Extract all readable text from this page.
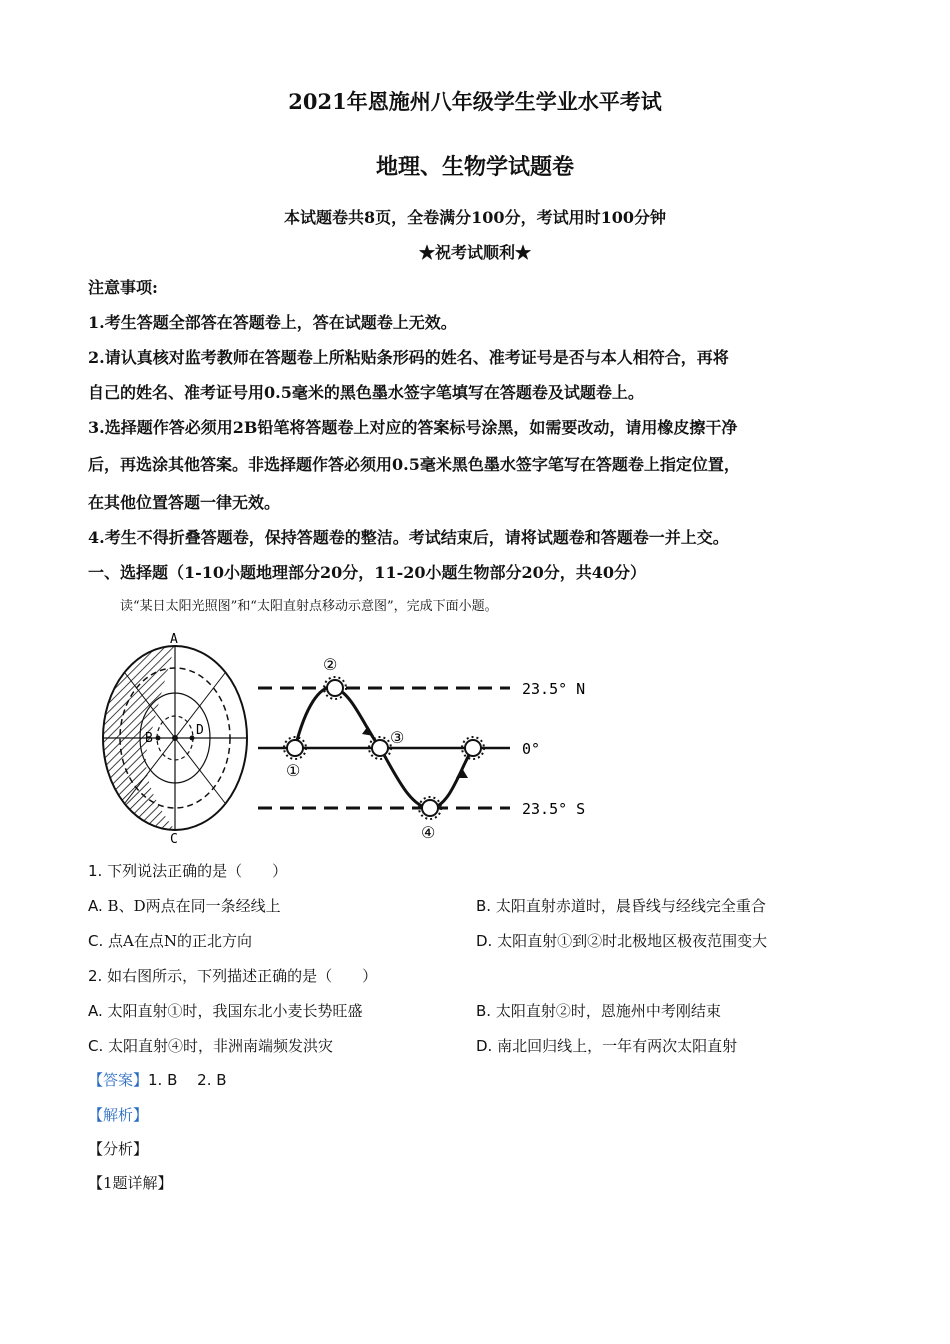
2021年恩施州八年级学生学业水平考试
地理、生物学试题卷
本试题卷共8页，全卷满分100分，考试用时100分钟
★祝考试顺利★
注意事项:
1.考生答题全部答在答题卷上，答在试题卷上无效。
2.请认真核对监考教师在答题卷上所粘贴条形码的姓名、准考证号是否与本人相符合，再将
自己的姓名、准考证号用0.5毫米的黑色墨水签字笔填写在答题卷及试题卷上。
3.选择题作答必须用2B铅笔将答题卷上对应的答案标号涂黑，如需要改动，请用橡皮擦干净
后，再选涂其他答案。非选择题作答必须用0.5毫米黑色墨水签字笔写在答题卷上指定位置，
在其他位置答题一律无效。
4.考生不得折叠答题卷，保持答题卷的整洁。考试结束后，请将试题卷和答题卷一并上交。
一、选择题（1-10小题地理部分20分，11-20小题生物部分20分，共40分）
读“某日太阳光照图”和“太阳直射点移动示意图”，完成下面小题。
A
B
C
D
①
②
③
④
23.5° N
0°
23.5° S
1. 下列说法正确的是（　　）
A. B、D两点在同一条经线上	B. 太阳直射赤道时，晨昏线与经线完全重合
C. 点A在点N的正北方向	D. 太阳直射①到②时北极地区极夜范围变大
2. 如右图所示，下列描述正确的是（　　）
A. 太阳直射①时，我国东北小麦长势旺盛	B. 太阳直射②时，恩施州中考刚结束
C. 太阳直射④时，非洲南端频发洪灾	D. 南北回归线上，一年有两次太阳直射
【答案】1. B　 2. B
【解析】
【分析】
【1题详解】
